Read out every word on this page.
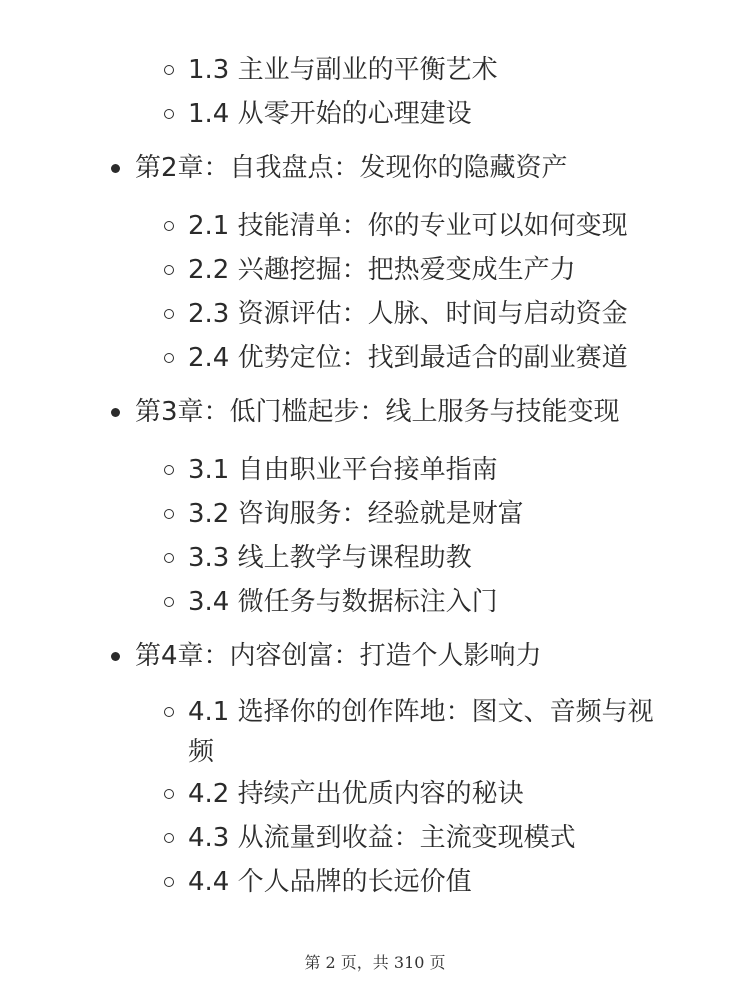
1.3 主业与副业的平衡艺术
1.4 从零开始的心理建设
第2章：自我盘点：发现你的隐藏资产
2.1 技能清单：你的专业可以如何变现
2.2 兴趣挖掘：把热爱变成生产力
2.3 资源评估：人脉、时间与启动资金
2.4 优势定位：找到最适合的副业赛道
第3章：低门槛起步：线上服务与技能变现
3.1 自由职业平台接单指南
3.2 咨询服务：经验就是财富
3.3 线上教学与课程助教
3.4 微任务与数据标注入门
第4章：内容创富：打造个人影响力
4.1 选择你的创作阵地：图文、音频与视频
4.2 持续产出优质内容的秘诀
4.3 从流量到收益：主流变现模式
4.4 个人品牌的长远价值
第 2 页，共 310 页
